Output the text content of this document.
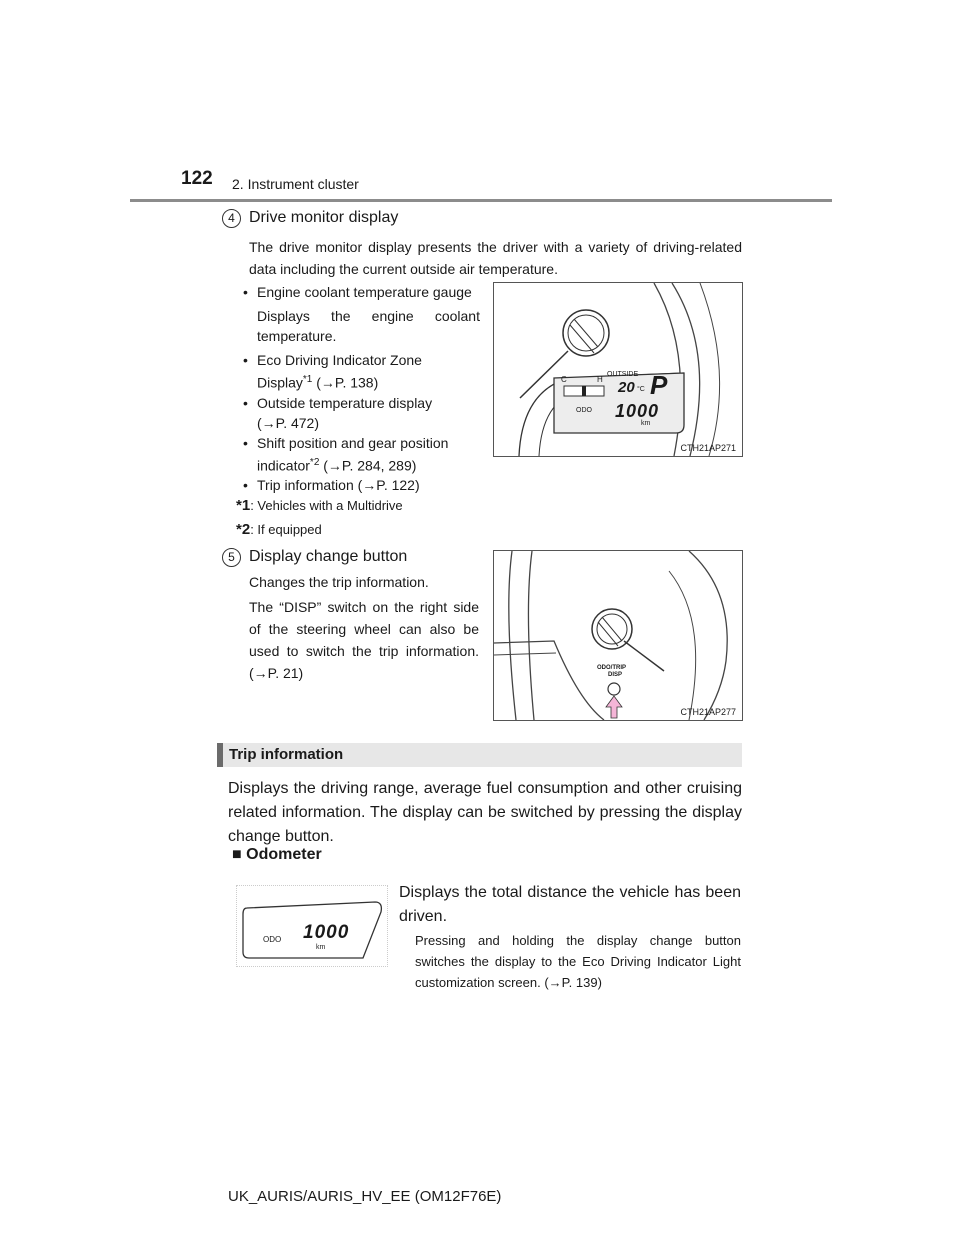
122 2. Instrument cluster
4 Drive monitor display
The drive monitor display presents the driver with a variety of driving-related data including the current outside air temperature.
• Engine coolant temperature gauge
Displays the engine coolant temperature.
• Eco Driving Indicator Zone Display$^{*1}$ (→P. 138)
• Outside temperature display
(→P. 472)
• Shift position and gear position indicator$^{*2}$ (→P. 284, 289)
• Trip information (→P. 122)
*1: Vehicles with a Multidrive
*2: If equipped
C	H
OUTSIDE
20 °C P
ODO 1000
km
CTH21AP271
5 Display change button
Changes the trip information.
The “DISP” switch on the right side of the steering wheel can also be used to switch the trip information. (→P. 21)	ODO/TRIP
DISP
CTH21AP277
Trip information
Displays the driving range, average fuel consumption and other cruising related information. The display can be switched by pressing the display change button.
■ Odometer
ODO 1000
km
Displays the total distance the vehicle has been driven.
Pressing and holding the display change button switches the display to the Eco Driving Indicator Light customization screen. (→P. 139)
UK_AURIS/AURIS_HV_EE (OM12F76E)
